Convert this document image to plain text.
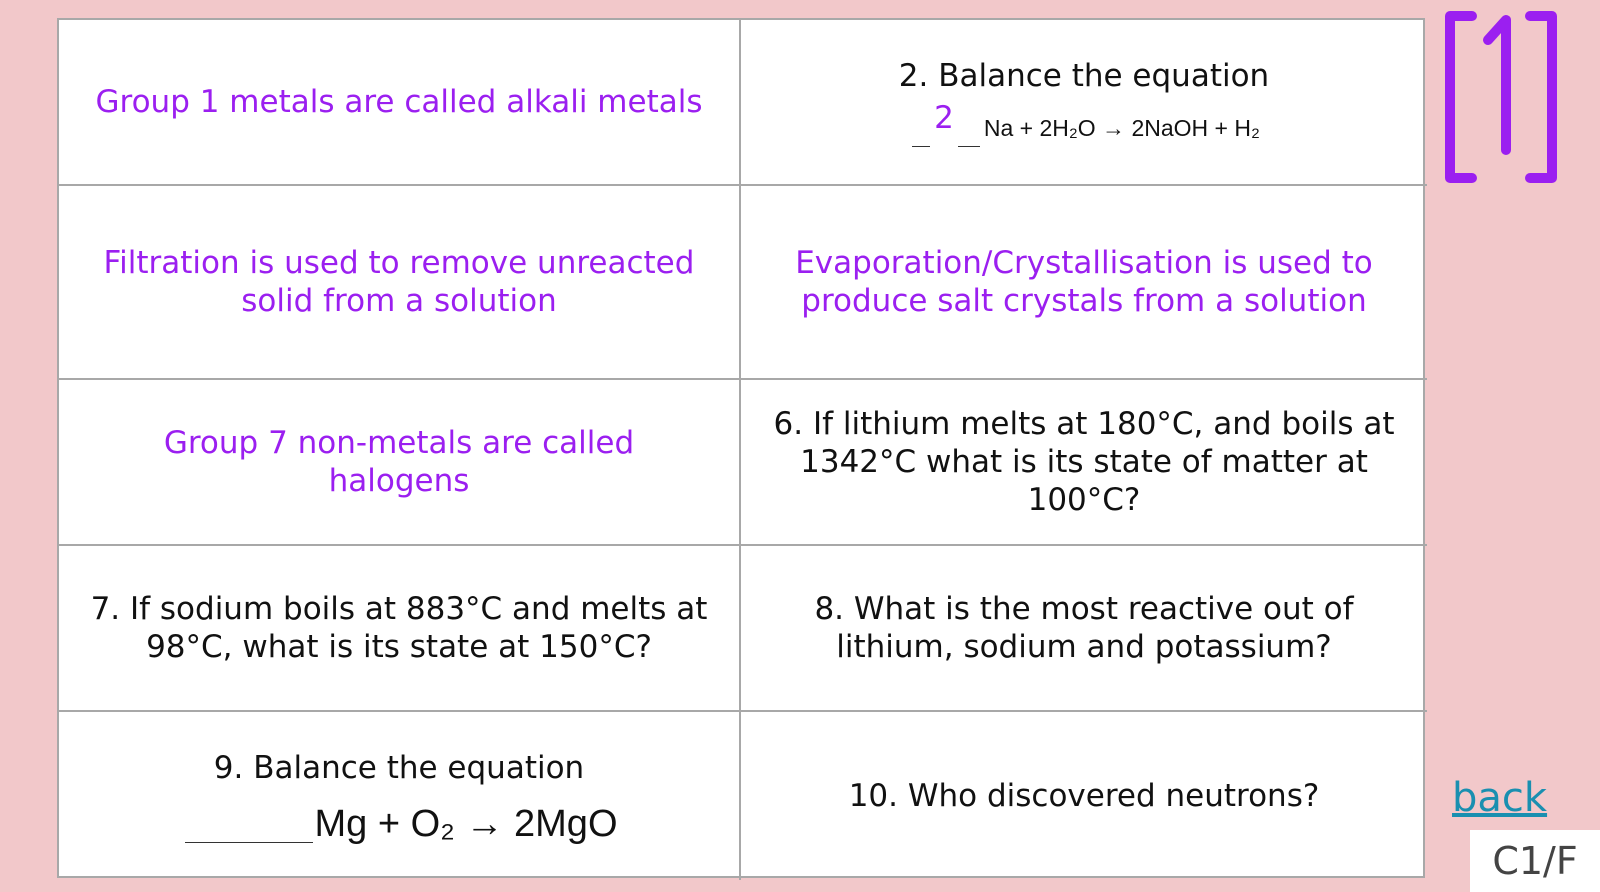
Group 1 metals are called alkali metals
2. Balance the equation
2 Na + 2H₂O → 2NaOH + H₂
Filtration is used to remove unreacted solid from a solution
Evaporation/Crystallisation is used to produce salt crystals from a solution
Group 7 non-metals are called halogens
6. If lithium melts at 180°C, and boils at 1342°C what is its state of matter at 100°C?
7. If sodium boils at 883°C and melts at 98°C, what is its state at 150°C?
8. What is the most reactive out of lithium, sodium and potassium?
9. Balance the equation
Mg + O₂ → 2MgO
10. Who discovered neutrons?	back
C1/F
